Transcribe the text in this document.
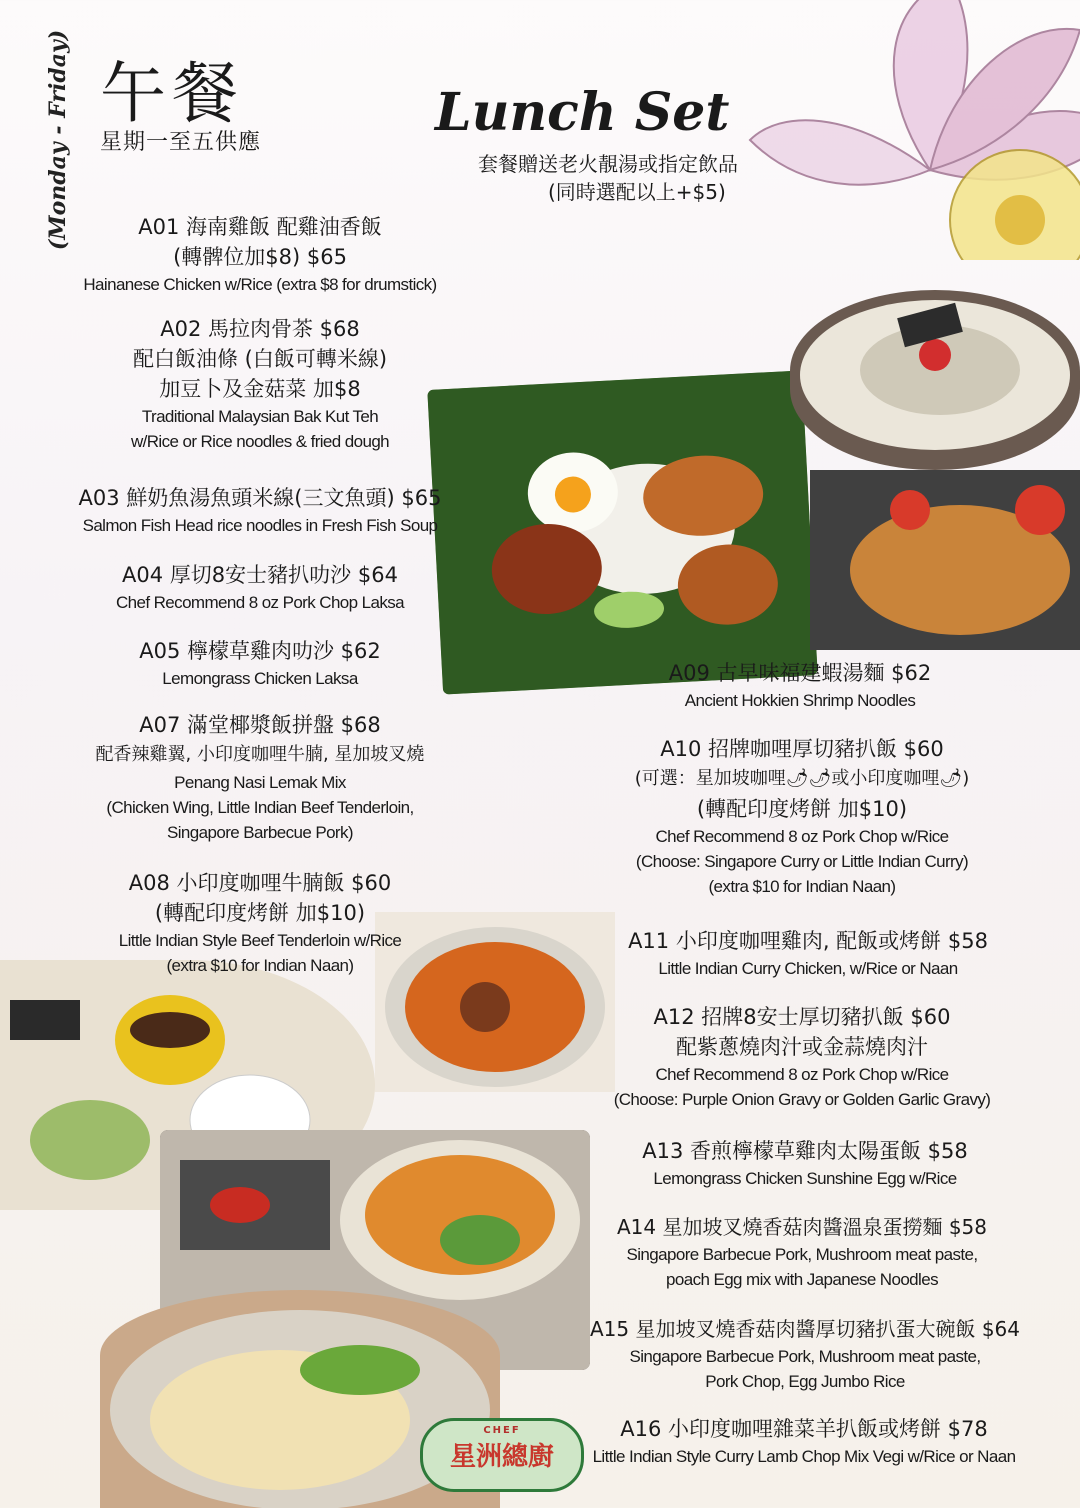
(Monday - Friday) 午餐
星期一至五供應	Lunch Set
套餐贈送老火靚湯或指定飲品
(同時選配以上+$5)
A01 海南雞飯 配雞油香飯
(轉髀位加$8) $65
Hainanese Chicken w/Rice (extra $8 for drumstick)
A02 馬拉肉骨茶 $68
配白飯油條 (白飯可轉米線)
加豆卜及金菇菜 加$8
Traditional Malaysian Bak Kut Teh
w/Rice or Rice noodles & fried dough
A03 鮮奶魚湯魚頭米線(三文魚頭) $65
Salmon Fish Head rice noodles in Fresh Fish Soup
A04 厚切8安士豬扒叻沙 $64
Chef Recommend 8 oz Pork Chop Laksa
A05 檸檬草雞肉叻沙 $62
Lemongrass Chicken Laksa
A07 滿堂椰漿飯拼盤 $68
配香辣雞翼, 小印度咖哩牛腩, 星加坡叉燒
Penang Nasi Lemak Mix
(Chicken Wing, Little Indian Beef Tenderloin,
Singapore Barbecue Pork)
A08 小印度咖哩牛腩飯 $60
(轉配印度烤餅 加$10)
Little Indian Style Beef Tenderloin w/Rice
(extra $10 for Indian Naan)
A09 古早味福建蝦湯麵 $62
Ancient Hokkien Shrimp Noodles
A10 招牌咖哩厚切豬扒飯 $60
(可選：星加坡咖哩🌶🌶或小印度咖哩🌶)
(轉配印度烤餅 加$10)
Chef Recommend 8 oz Pork Chop w/Rice
(Choose: Singapore Curry or Little Indian Curry)
(extra $10 for Indian Naan)
A11 小印度咖哩雞肉, 配飯或烤餅 $58
Little Indian Curry Chicken, w/Rice or Naan
A12 招牌8安士厚切豬扒飯 $60
配紫蔥燒肉汁或金蒜燒肉汁
Chef Recommend 8 oz Pork Chop w/Rice
(Choose: Purple Onion Gravy or Golden Garlic Gravy)
A13 香煎檸檬草雞肉太陽蛋飯 $58
Lemongrass Chicken Sunshine Egg w/Rice
A14 星加坡叉燒香菇肉醬溫泉蛋撈麵 $58
Singapore Barbecue Pork, Mushroom meat paste,
poach Egg mix with Japanese Noodles
A15 星加坡叉燒香菇肉醬厚切豬扒蛋大碗飯 $64
Singapore Barbecue Pork, Mushroom meat paste,
Pork Chop, Egg Jumbo Rice
A16 小印度咖哩雜菜羊扒飯或烤餅 $78
Little Indian Style Curry Lamb Chop Mix Vegi w/Rice or Naan
CHEF
星洲總廚
